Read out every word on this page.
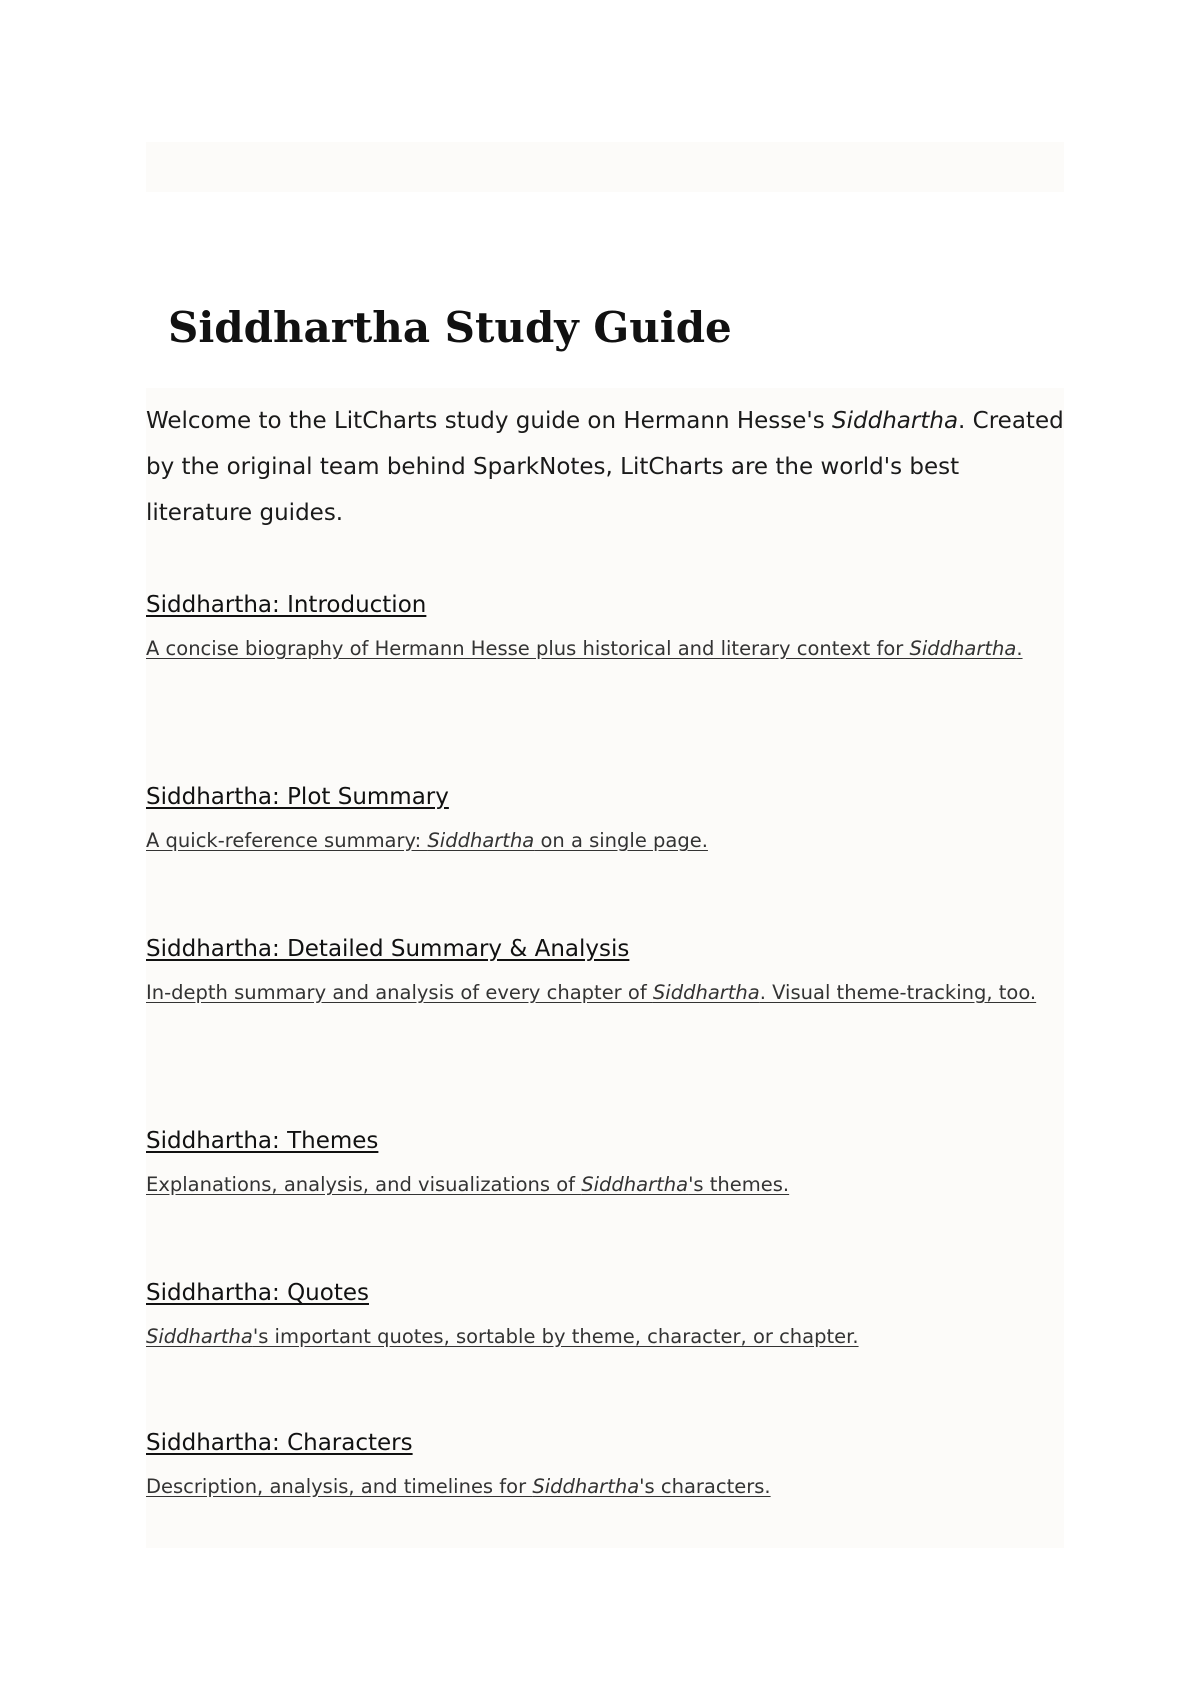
Siddhartha Study Guide

Welcome to the LitCharts study guide on Hermann Hesse's Siddhartha. Created by the original team behind SparkNotes, LitCharts are the world's best literature guides.

Siddhartha: Introduction
A concise biography of Hermann Hesse plus historical and literary context for Siddhartha.
Siddhartha: Plot Summary
A quick-reference summary: Siddhartha on a single page.
Siddhartha: Detailed Summary & Analysis
In-depth summary and analysis of every chapter of Siddhartha. Visual theme-tracking, too.
Siddhartha: Themes
Explanations, analysis, and visualizations of Siddhartha's themes.
Siddhartha: Quotes
Siddhartha's important quotes, sortable by theme, character, or chapter.
Siddhartha: Characters
Description, analysis, and timelines for Siddhartha's characters.
